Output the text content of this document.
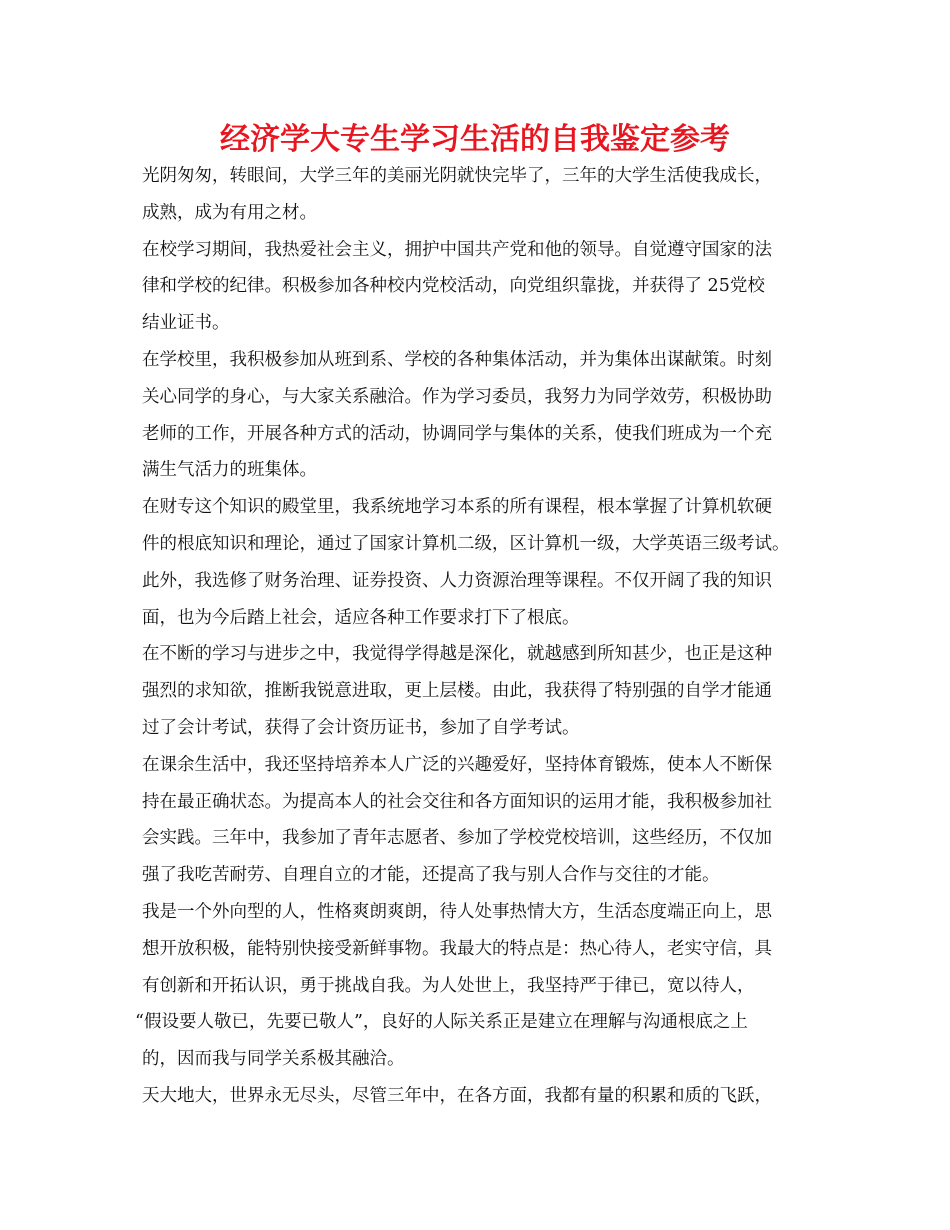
经济学大专生学习生活的自我鉴定参考
光阴匆匆，转眼间，大学三年的美丽光阴就快完毕了，三年的大学生活使我成长，
成熟，成为有用之材。
在校学习期间，我热爱社会主义，拥护中国共产党和他的领导。自觉遵守国家的法
律和学校的纪律。积极参加各种校内党校活动，向党组织靠拢，并获得了 25党校
结业证书。
在学校里，我积极参加从班到系、学校的各种集体活动，并为集体出谋献策。时刻
关心同学的身心，与大家关系融洽。作为学习委员，我努力为同学效劳，积极协助
老师的工作，开展各种方式的活动，协调同学与集体的关系，使我们班成为一个充
满生气活力的班集体。
在财专这个知识的殿堂里，我系统地学习本系的所有课程，根本掌握了计算机软硬
件的根底知识和理论，通过了国家计算机二级，区计算机一级，大学英语三级考试。
此外，我选修了财务治理、证券投资、人力资源治理等课程。不仅开阔了我的知识
面，也为今后踏上社会，适应各种工作要求打下了根底。
在不断的学习与进步之中，我觉得学得越是深化，就越感到所知甚少，也正是这种
强烈的求知欲，推断我锐意进取，更上层楼。由此，我获得了特别强的自学才能通
过了会计考试，获得了会计资历证书，参加了自学考试。
在课余生活中，我还坚持培养本人广泛的兴趣爱好，坚持体育锻炼，使本人不断保
持在最正确状态。为提高本人的社会交往和各方面知识的运用才能，我积极参加社
会实践。三年中，我参加了青年志愿者、参加了学校党校培训，这些经历，不仅加
强了我吃苦耐劳、自理自立的才能，还提高了我与别人合作与交往的才能。
我是一个外向型的人，性格爽朗爽朗，待人处事热情大方，生活态度端正向上，思
想开放积极，能特别快接受新鲜事物。我最大的特点是：热心待人，老实守信，具
有创新和开拓认识，勇于挑战自我。为人处世上，我坚持严于律已，宽以待人，
“假设要人敬已，先要已敬人”，良好的人际关系正是建立在理解与沟通根底之上
的，因而我与同学关系极其融洽。
天大地大，世界永无尽头，尽管三年中，在各方面，我都有量的积累和质的飞跃，
